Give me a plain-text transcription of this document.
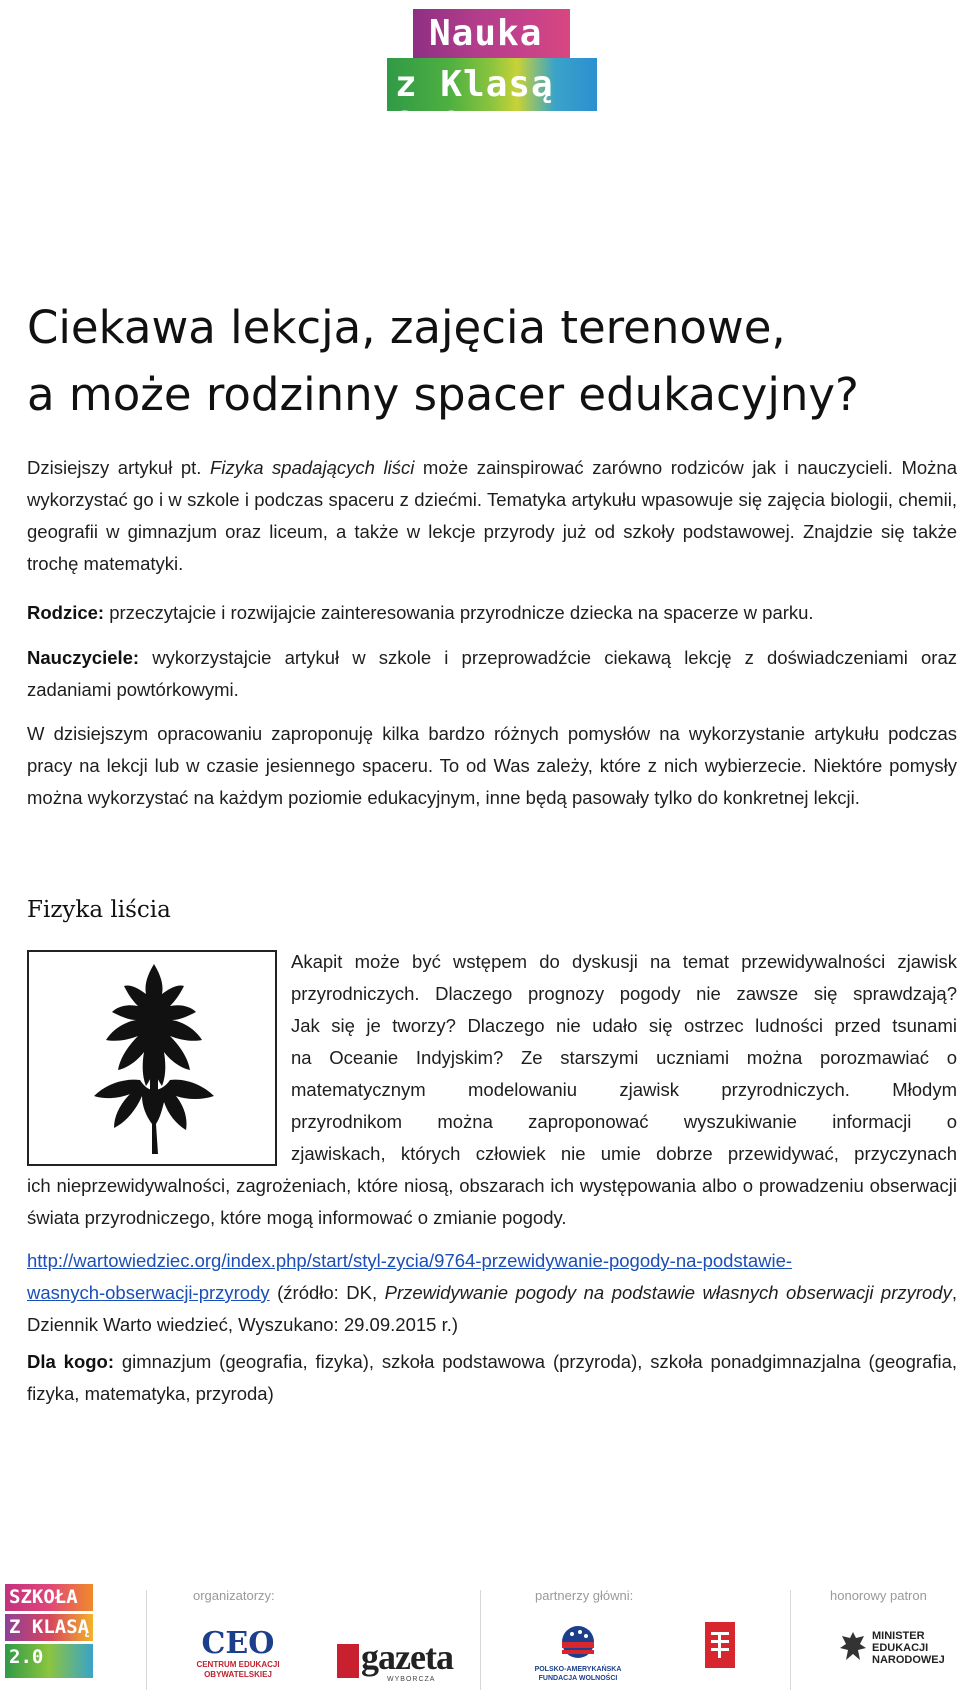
Nauka
z Klasą 2.0
Ciekawa lekcja, zajęcia terenowe,
a może rodzinny spacer edukacyjny?

Dzisiejszy artykuł pt. Fizyka spadających liści może zainspirować zarówno rodziców jak i nauczycieli. Można wykorzystać go i w szkole i podczas spaceru z dziećmi. Tematyka artykułu wpasowuje się zajęcia biologii, chemii, geografii w gimnazjum oraz liceum, a także w lekcje przyrody już od szkoły podstawowej. Znajdzie się także trochę matematyki.

Rodzice: przeczytajcie i rozwijajcie zainteresowania przyrodnicze dziecka na spacerze w parku.

Nauczyciele: wykorzystajcie artykuł w szkole i przeprowadźcie ciekawą lekcję z doświadczeniami oraz zadaniami powtórkowymi.

W dzisiejszym opracowaniu zaproponuję kilka bardzo różnych pomysłów na wykorzystanie artykułu podczas pracy na lekcji lub w czasie jesiennego spaceru. To od Was zależy, które z nich wybierzecie. Niektóre pomysły można wykorzystać na każdym poziomie edukacyjnym, inne będą pasowały tylko do konkretnej lekcji.

Fizyka liścia

Akapit może być wstępem do dyskusji na temat przewidywalności zjawisk

przyrodniczych. Dlaczego prognozy pogody nie zawsze się sprawdzają?

Jak się je tworzy? Dlaczego nie udało się ostrzec ludności przed tsunami

na Oceanie Indyjskim? Ze starszymi uczniami można porozmawiać o

matematycznym modelowaniu zjawisk przyrodniczych. Młodym

przyrodnikom można zaproponować wyszukiwanie informacji o

zjawiskach, których człowiek nie umie dobrze przewidywać, przyczynach

ich nieprzewidywalności, zagrożeniach, które niosą, obszarach ich występowania albo o prowadzeniu obserwacji świata przyrodniczego, które mogą informować o zmianie pogody.

http://wartowiedziec.org/index.php/start/styl-zycia/9764-przewidywanie-pogody-na-podstawie-
wasnych-obserwacji-przyrody (źródło: DK, Przewidywanie pogody na podstawie własnych obserwacji przyrody, Dziennik Warto wiedzieć, Wyszukano: 29.09.2015 r.)

Dla kogo: gimnazjum (geografia, fizyka), szkoła podstawowa (przyroda), szkoła ponadgimnazjalna (geografia, fizyka, matematyka, przyroda)

SZKOŁA
Z KLASĄ
2.0
organizatorzy:
CEO
CENTRUM EDUKACJI OBYWATELSKIEJ	gazeta
WYBORCZA
partnerzy główni:
POLSKO-AMERYKAŃSKA FUNDACJA WOLNOŚCI
honorowy patron
MINISTER EDUKACJI NARODOWEJ
